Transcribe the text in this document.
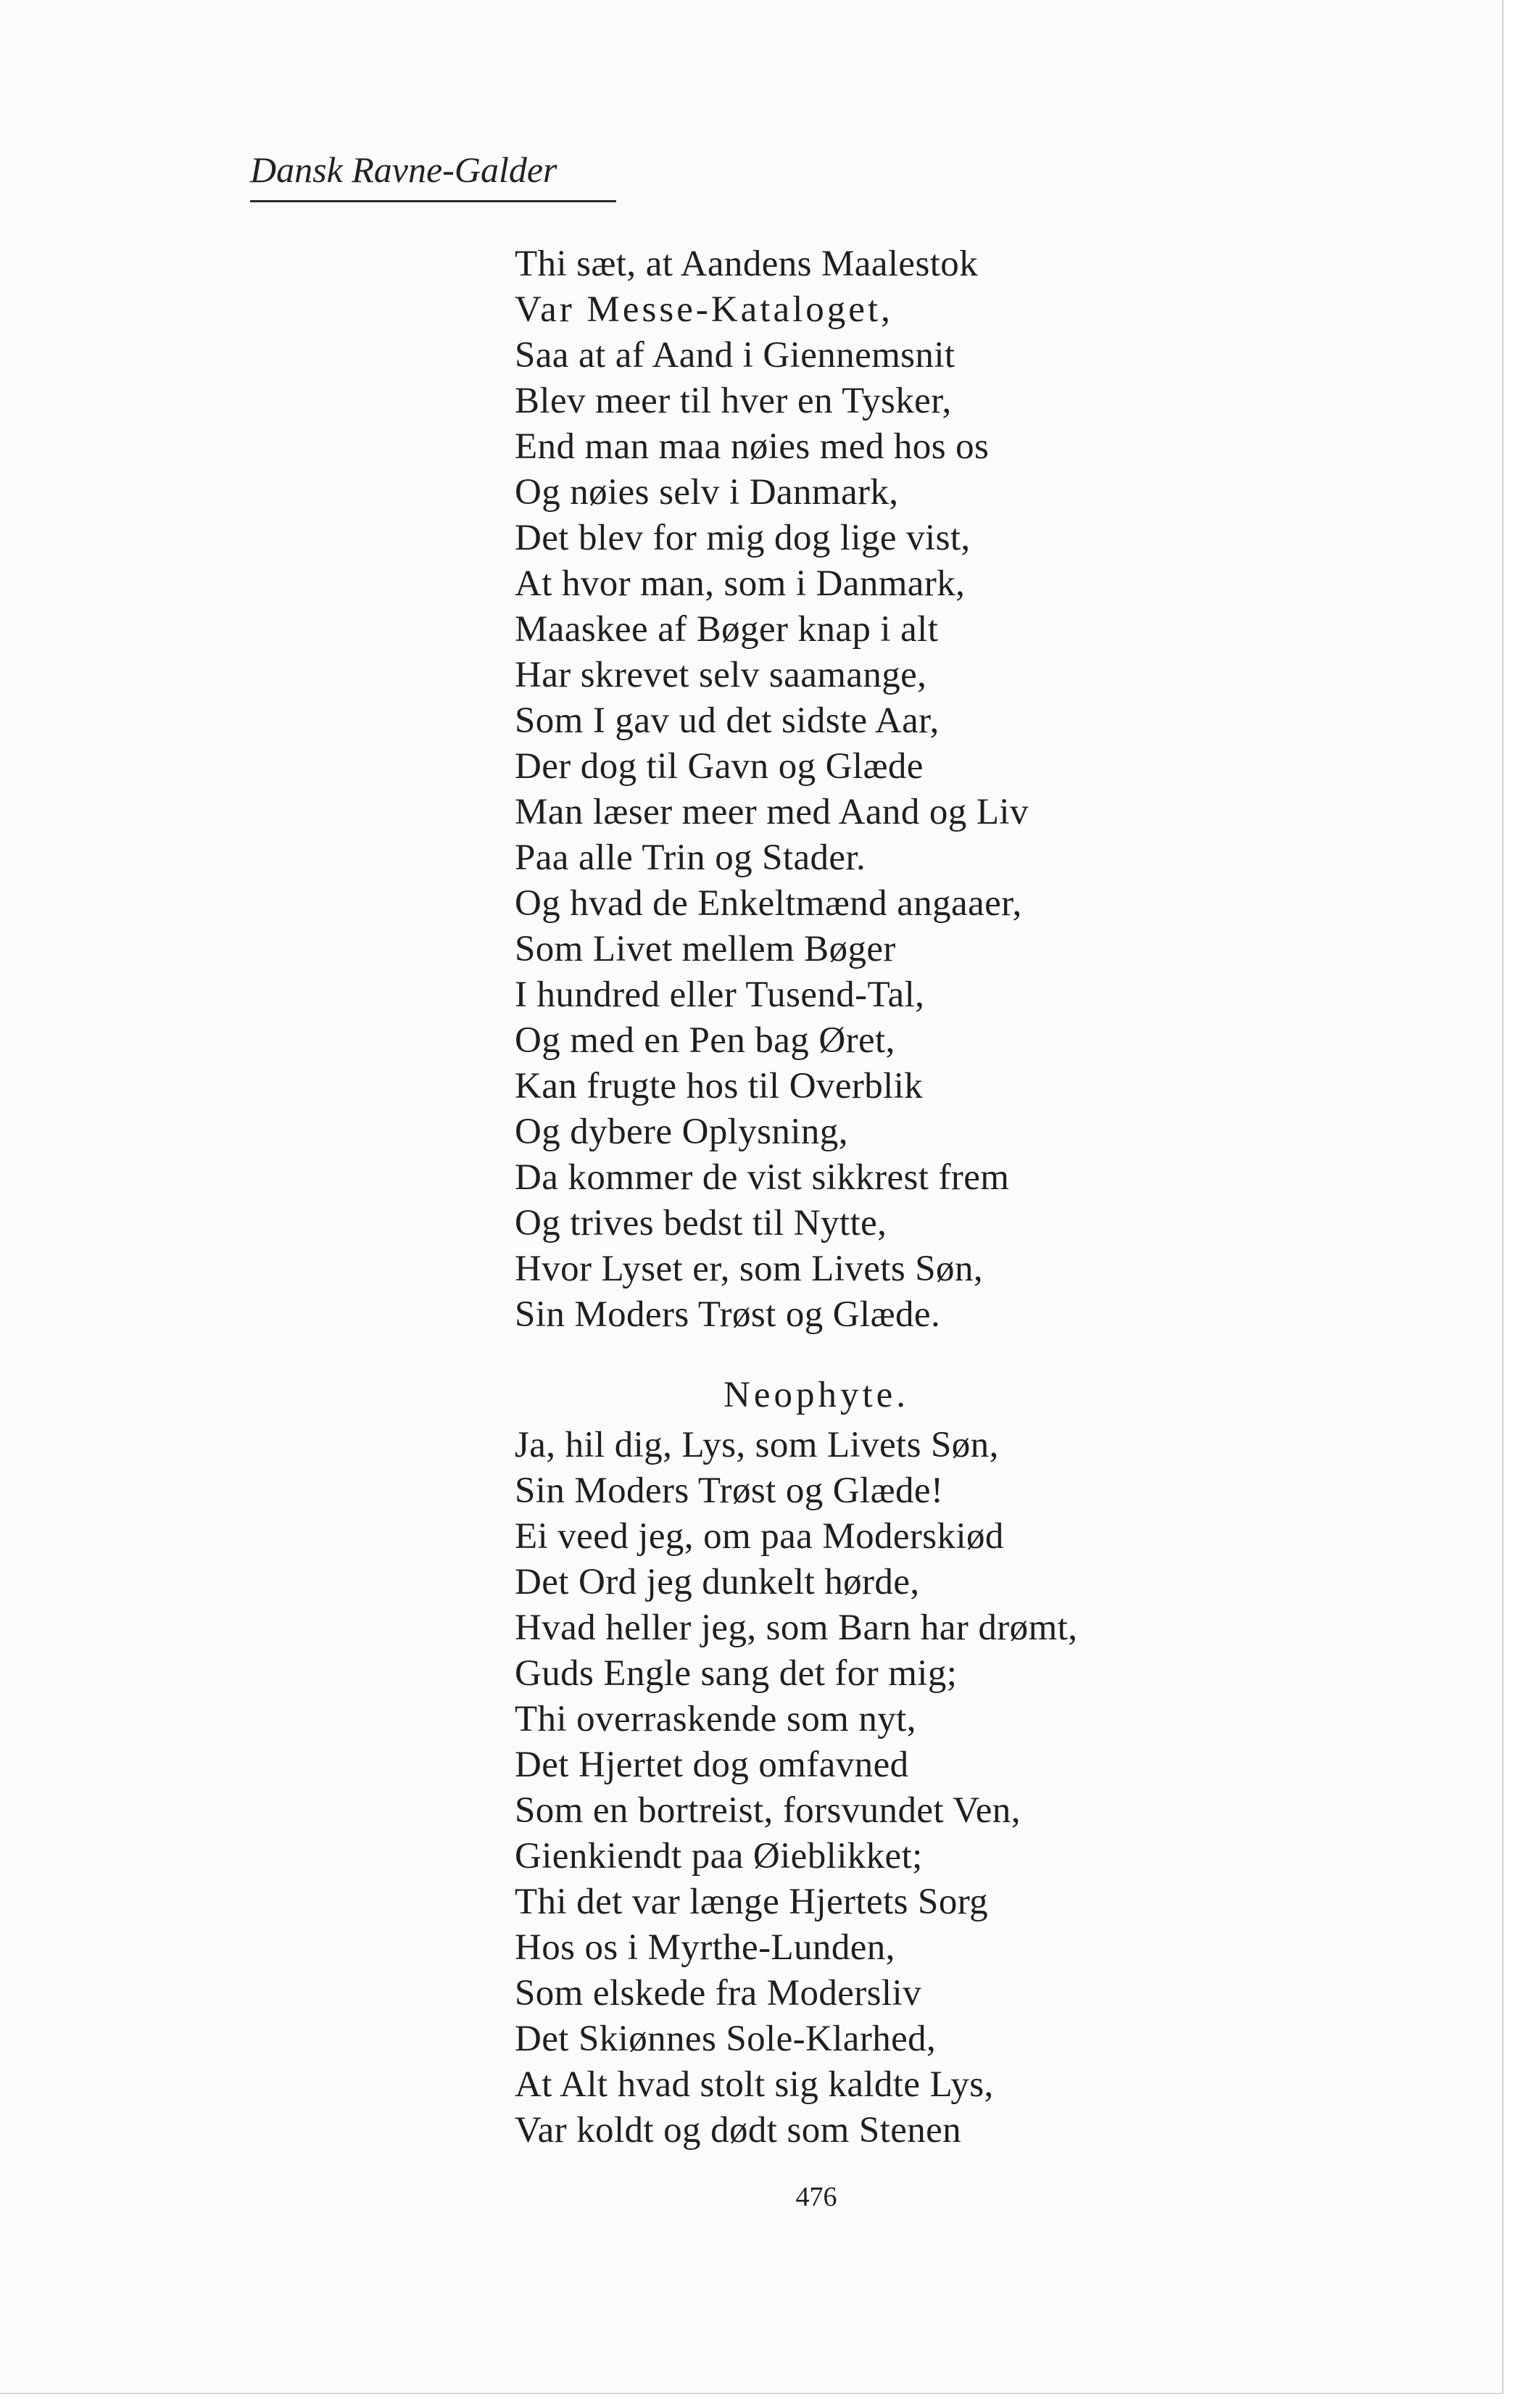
Dansk Ravne-Galder
Thi sæt, at Aandens Maalestok
Var Messe-Kataloget,
Saa at af Aand i Giennemsnit
Blev meer til hver en Tysker,
End man maa nøies med hos os
Og nøies selv i Danmark,
Det blev for mig dog lige vist,
At hvor man, som i Danmark,
Maaskee af Bøger knap i alt
Har skrevet selv saamange,
Som I gav ud det sidste Aar,
Der dog til Gavn og Glæde
Man læser meer med Aand og Liv
Paa alle Trin og Stader.
Og hvad de Enkeltmænd angaaer,
Som Livet mellem Bøger
I hundred eller Tusend-Tal,
Og med en Pen bag Øret,
Kan frugte hos til Overblik
Og dybere Oplysning,
Da kommer de vist sikkrest frem
Og trives bedst til Nytte,
Hvor Lyset er, som Livets Søn,
Sin Moders Trøst og Glæde.
Neophyte.
Ja, hil dig, Lys, som Livets Søn,
Sin Moders Trøst og Glæde!
Ei veed jeg, om paa Moderskiød
Det Ord jeg dunkelt hørde,
Hvad heller jeg, som Barn har drømt,
Guds Engle sang det for mig;
Thi overraskende som nyt,
Det Hjertet dog omfavned
Som en bortreist, forsvundet Ven,
Gienkiendt paa Øieblikket;
Thi det var længe Hjertets Sorg
Hos os i Myrthe-Lunden,
Som elskede fra Modersliv
Det Skiønnes Sole-Klarhed,
At Alt hvad stolt sig kaldte Lys,
Var koldt og dødt som Stenen
476
